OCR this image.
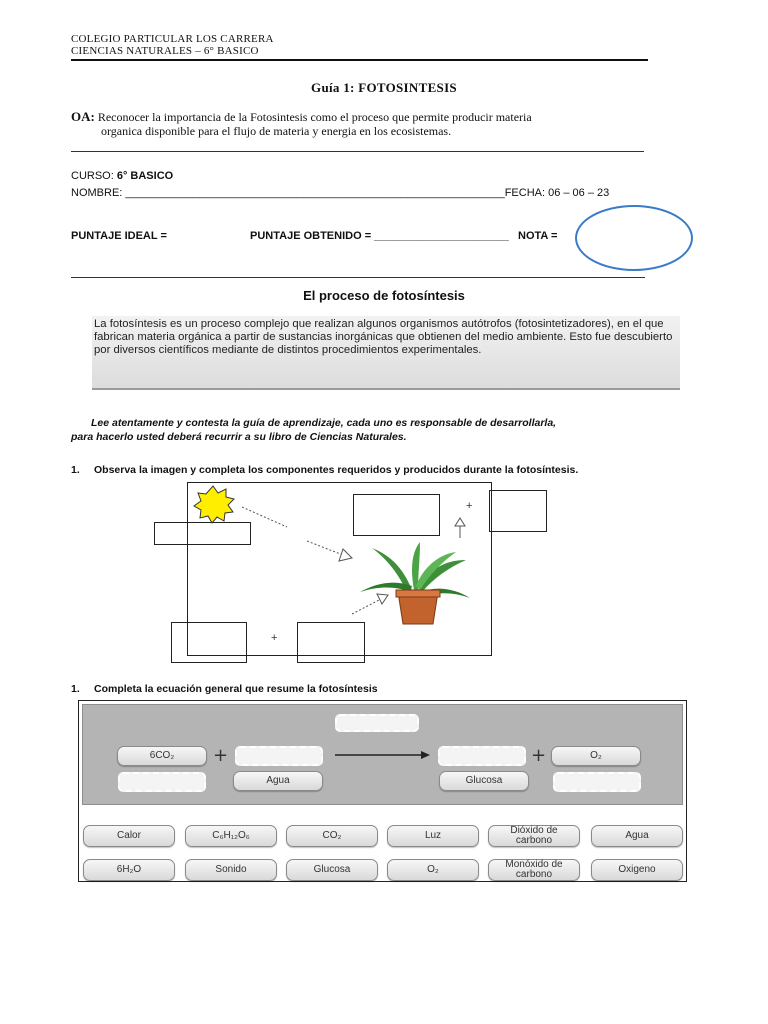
COLEGIO PARTICULAR LOS CARRERA
CIENCIAS NATURALES – 6° BASICO
Guía 1: FOTOSINTESIS
OA: Reconocer la importancia de la Fotosintesis como el proceso que permite producir materia
organica disponible para el flujo de materia y energia en los ecosistemas.
CURSO: 6° BASICO
NOMBRE: ______________________________________________________________FECHA: 06 – 06 – 23
PUNTAJE IDEAL =	PUNTAJE OBTENIDO = ______________________ NOTA =
El proceso de fotosíntesis
La fotosíntesis es un proceso complejo que realizan algunos organismos autótrofos (fotosintetizadores), en el que fabrican materia orgánica a partir de sustancias inorgánicas que obtienen del medio ambiente. Esto fue descubierto por diversos científicos mediante de distintos procedimientos experimentales.
Lee atentamente y contesta la guía de aprendizaje, cada uno es responsable de desarrollarla,
para hacerlo usted deberá recurrir a su libro de Ciencias Naturales.
1. Observa la imagen y completa los componentes requeridos y producidos durante la fotosíntesis.
+
+
1. Completa la ecuación general que resume la fotosíntesis
6CO₂	+
Agua
+	O₂
Glucosa
Calor	C₆H₁₂O₆	CO₂	Luz	Dióxido de carbono	Agua
6H₂O	Sonido	Glucosa	O₂	Monóxido de carbono	Oxigeno
